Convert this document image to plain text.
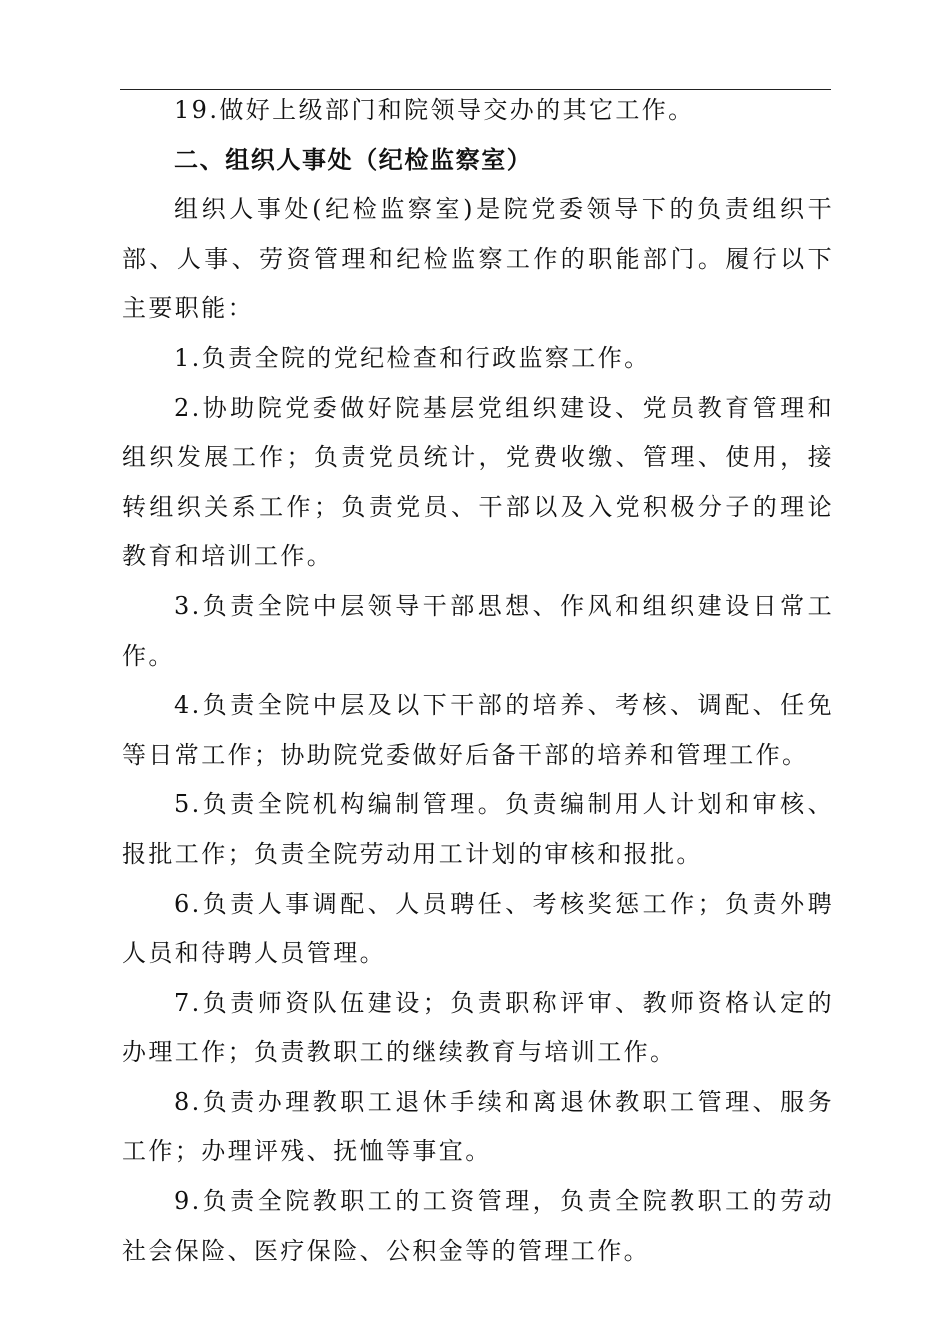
19.做好上级部门和院领导交办的其它工作。

二、组织人事处（纪检监察室）

组织人事处(纪检监察室)是院党委领导下的负责组织干部、人事、劳资管理和纪检监察工作的职能部门。履行以下主要职能：

1.负责全院的党纪检查和行政监察工作。

2.协助院党委做好院基层党组织建设、党员教育管理和组织发展工作；负责党员统计，党费收缴、管理、使用，接转组织关系工作；负责党员、干部以及入党积极分子的理论教育和培训工作。

3.负责全院中层领导干部思想、作风和组织建设日常工作。

4.负责全院中层及以下干部的培养、考核、调配、任免等日常工作；协助院党委做好后备干部的培养和管理工作。

5.负责全院机构编制管理。负责编制用人计划和审核、报批工作；负责全院劳动用工计划的审核和报批。

6.负责人事调配、人员聘任、考核奖惩工作；负责外聘人员和待聘人员管理。

7.负责师资队伍建设；负责职称评审、教师资格认定的办理工作；负责教职工的继续教育与培训工作。

8.负责办理教职工退休手续和离退休教职工管理、服务工作；办理评残、抚恤等事宜。

9.负责全院教职工的工资管理，负责全院教职工的劳动社会保险、医疗保险、公积金等的管理工作。
